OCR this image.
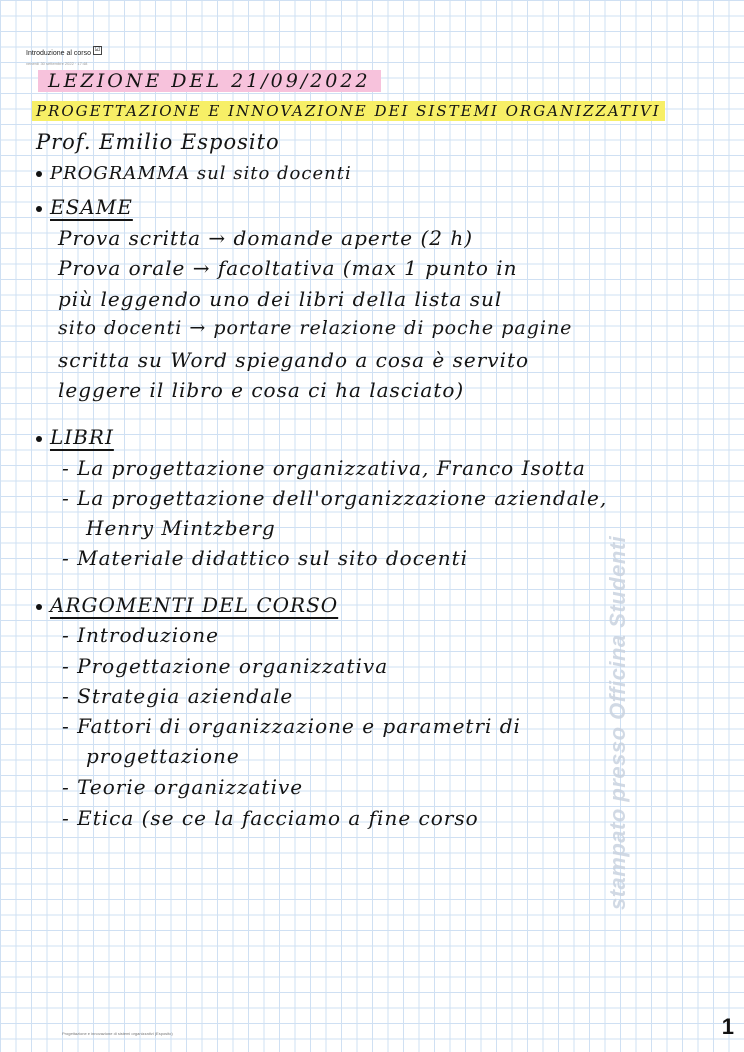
Introduzione al corso ☑
venerdì 30 settembre 2022 · 17:48
LEZIONE DEL 21/09/2022
PROGETTAZIONE E INNOVAZIONE DEI SISTEMI ORGANIZZATIVI
Prof. Emilio Esposito
PROGRAMMA sul sito docenti
ESAME
Prova scritta → domande aperte (2 h)
Prova orale → facoltativa (max 1 punto in
più leggendo uno dei libri della lista sul
sito docenti → portare relazione di poche pagine
scritta su Word spiegando a cosa è servito
leggere il libro e cosa ci ha lasciato)
LIBRI
- La progettazione organizzativa, Franco Isotta
- La progettazione dell'organizzazione aziendale,
Henry Mintzberg
- Materiale didattico sul sito docenti
ARGOMENTI DEL CORSO
- Introduzione
- Progettazione organizzativa
- Strategia aziendale
- Fattori di organizzazione e parametri di
progettazione
- Teorie organizzative
- Etica (se ce la facciamo a fine corso	stampato presso Officina Studenti
Progettazione e innovazione di sistemi organizzativi (Esposito)	1
